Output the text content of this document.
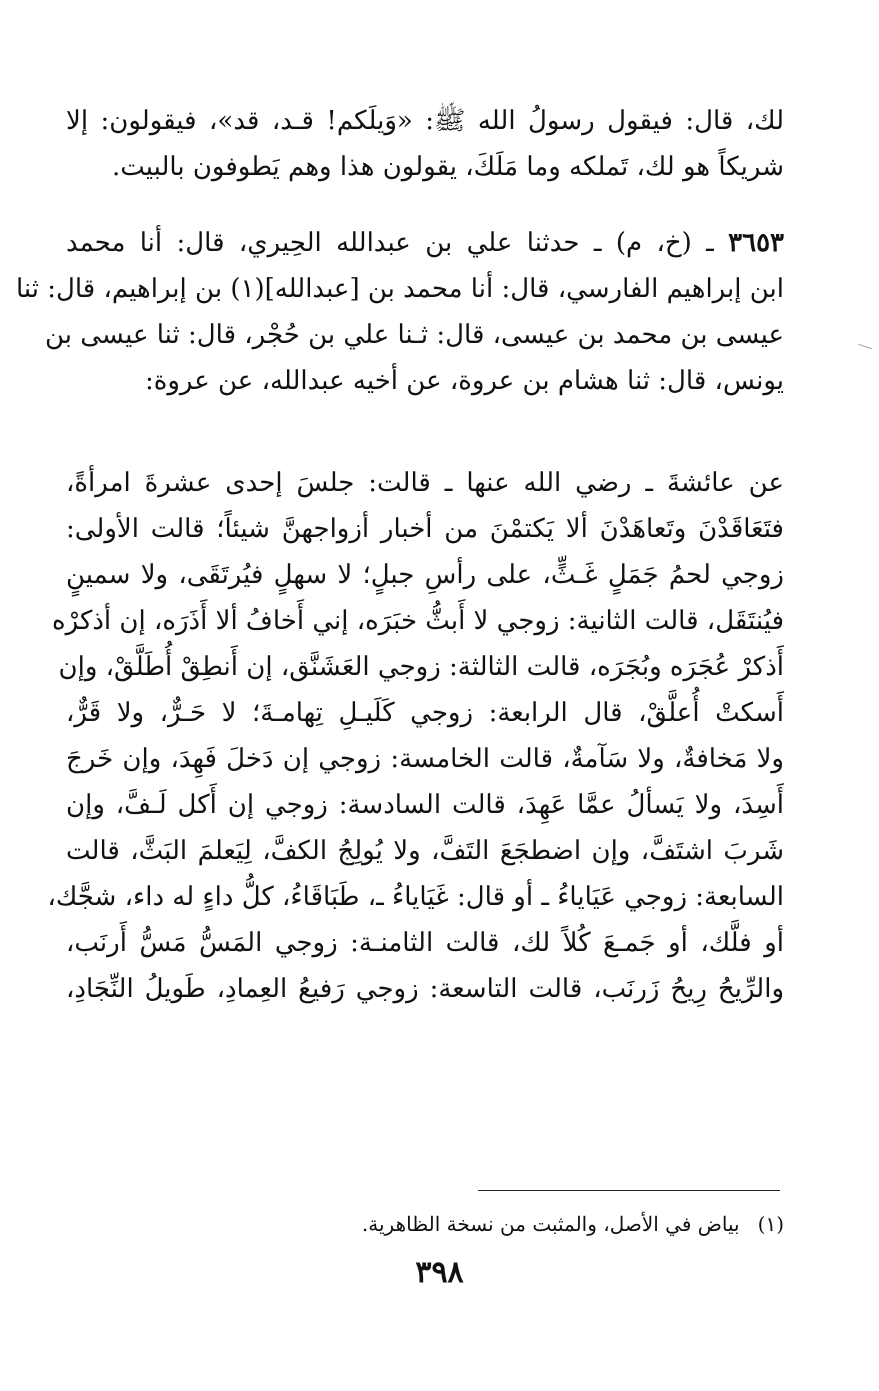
لك، قال: فيقول رسولُ الله ﷺ: «وَيلَكم! قـد، قد»، فيقولون: إلا
شريكاً هو لك، تَملكه وما مَلَكَ، يقولون هذا وهم يَطوفون بالبيت.
٣٦٥٣ ـ (خ، م) ـ حدثنا علي بن عبدالله الحِيري، قال: أنا محمد
ابن إبراهيم الفارسي، قال: أنا محمد بن [عبدالله](١) بن إبراهيم، قال: ثنا
عيسى بن محمد بن عيسى، قال: ثـنا علي بن حُجْر، قال: ثنا عيسى بن
يونس، قال: ثنا هشام بن عروة، عن أخيه عبدالله، عن عروة:
عن عائشةَ ـ رضي الله عنها ـ قالت: جلسَ إحدى عشرةَ امرأةً،
فتَعَاقَدْنَ وتَعاهَدْنَ ألا يَكتمْنَ من أخبار أزواجهنَّ شيئاً؛ قالت الأولى:
زوجي لحمُ جَمَلٍ غَـثٍّ، على رأسِ جبلٍ؛ لا سهلٍ فيُرتَقَى، ولا سمينٍ
فيُنتَقَل، قالت الثانية: زوجي لا أَبثُّ خبَرَه، إني أَخافُ ألا أَذَرَه، إن أذكرْه
أَذكرْ عُجَرَه وبُجَرَه، قالت الثالثة: زوجي العَشَنَّق، إن أَنطِقْ أُطَلَّقْ، وإن
أَسكتْ أُعلَّقْ، قال الرابعة: زوجي كَلَيـلِ تِهامـةَ؛ لا حَـرٌّ، ولا قَرٌّ،
ولا مَخافةٌ، ولا سَآمةٌ، قالت الخامسة: زوجي إن دَخلَ فَهِدَ، وإن خَرجَ
أَسِدَ، ولا يَسألُ عمَّا عَهِدَ، قالت السادسة: زوجي إن أَكل لَـفَّ، وإن
شَربَ اشتَفَّ، وإن اضطجَعَ التَفَّ، ولا يُولِجُ الكفَّ، لِيَعلمَ البَثَّ، قالت
السابعة: زوجي عَيَاياءُ ـ أو قال: غَيَاياءُ ـ، طَبَاقَاءُ، كلُّ داءٍ له داء، شجَّك،
أو فلَّك، أو جَمـعَ كُلاً لك، قالت الثامنـة: زوجي المَسُّ مَسُّ أَرنَب،
والرِّيحُ رِيحُ زَرنَب، قالت التاسعة: زوجي رَفيعُ العِمادِ، طَويلُ النِّجَادِ،
(١)بياض في الأصل، والمثبت من نسخة الظاهرية.
٣٩٨
